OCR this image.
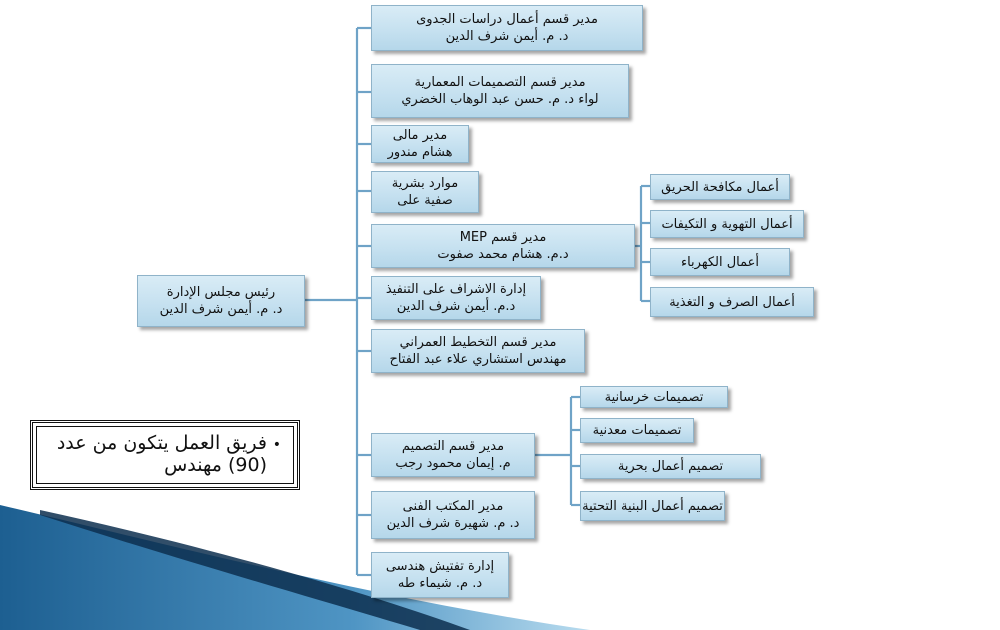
رئيس مجلس الإدارة
د. م. أيمن شرف الدين
مدير قسم أعمال دراسات الجدوى
د. م. أيمن شرف الدين
مدير قسم التصميمات المعمارية
لواء د. م. حسن عبد الوهاب الخضري
مدير مالى
هشام مندور
موارد بشرية
صفية على
مدير قسم MEP
د.م. هشام محمد صفوت
إدارة الاشراف على التنفيذ
د.م. أيمن شرف الدين
مدير قسم التخطيط العمراني
مهندس استشاري علاء عبد الفتاح
مدير قسم التصميم
م. إيمان محمود رجب
مدير المكتب الفنى
د. م. شهيرة شرف الدين
إدارة تفتيش هندسى
د. م. شيماء طه
أعمال مكافحة الحريق
أعمال التهوية و التكيفات
أعمال الكهرباء
أعمال الصرف و التغذية
تصميمات خرسانية
تصميمات معدنية
تصميم أعمال بحرية
تصميم أعمال البنية التحتية
•
فريق العمل يتكون من عدد
(90) مهندس
